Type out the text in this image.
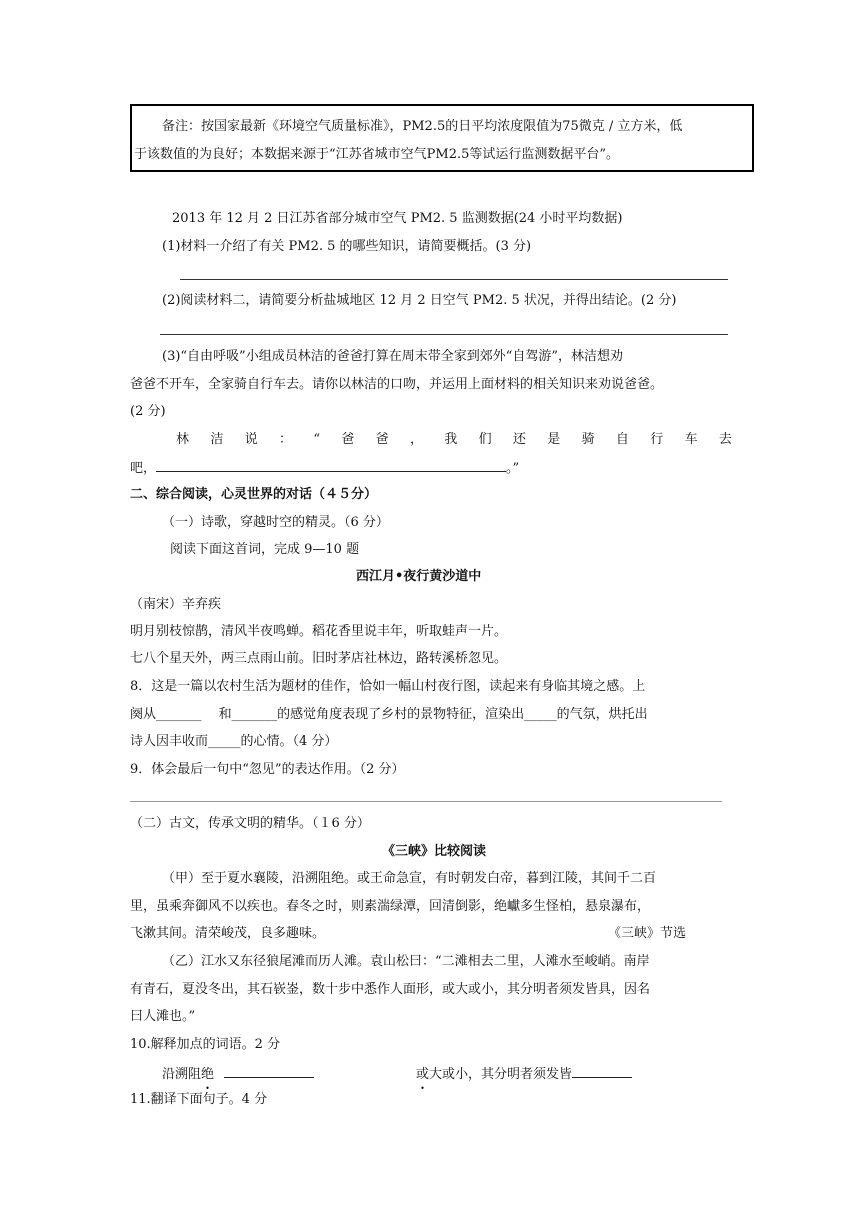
备注：按国家最新《环境空气质量标准》，PM2.5的日平均浓度限值为75微克 / 立方米，低
于该数值的为良好；本数据来源于“江苏省城市空气PM2.5等试运行监测数据平台”。
2013 年 12 月 2 日江苏省部分城市空气 PM2. 5 监测数据(24 小时平均数据)
(1)材料一介绍了有关 PM2. 5 的哪些知识，请简要概括。(3 分)
(2)阅读材料二，请简要分析盐城地区 12 月 2 日空气 PM2. 5 状况，并得出结论。(2 分)
(3)“自由呼吸”小组成员林洁的爸爸打算在周末带全家到郊外“自驾游”，林洁想劝
爸爸不开车，全家骑自行车去。请你以林洁的口吻，并运用上面材料的相关知识来劝说爸爸。
(2 分)
林 洁 说 ： “ 爸 爸 ， 我 们 还 是 骑 自 行 车 去
吧，	。”
二、综合阅读，心灵世界的对话（４５分）
（一）诗歌，穿越时空的精灵。（6 分）
阅读下面这首词，完成 9—10 题
西江月•夜行黄沙道中
（南宋）辛弃疾
明月别枝惊鹊，清风半夜鸣蝉。稻花香里说丰年，听取蛙声一片。
七八个星天外，两三点雨山前。旧时茅店社林边，路转溪桥忽见。
8．这是一篇以农村生活为题材的佳作，恰如一幅山村夜行图，读起来有身临其境之感。上
阕从_______　 和_______的感觉角度表现了乡村的景物特征，渲染出_____的气氛，烘托出
诗人因丰收而_____的心情。（4 分）
9．体会最后一句中“忽见”的表达作用。（2 分）
（二）古文，传承文明的精华。（１6 分）
《三峡》比较阅读
（甲）至于夏水襄陵，沿溯阻绝。或王命急宣，有时朝发白帝，暮到江陵，其间千二百
里，虽乘奔御风不以疾也。春冬之时，则素湍绿潭，回清倒影，绝巘多生怪柏，悬泉瀑布，
飞漱其间。清荣峻茂，良多趣味。	《三峡》节选
（乙）江水又东径狼尾滩而历人滩。袁山松曰：“二滩相去二里，人滩水至峻峭。南岸
有青石，夏没冬出，其石嵚崟，数十步中悉作人面形，或大或小，其分明者须发皆具，因名
曰人滩也。”
10.解释加点的词语。2 分
沿溯阻绝	或大或小，其分明者须发皆
11.翻译下面句子。4 分
